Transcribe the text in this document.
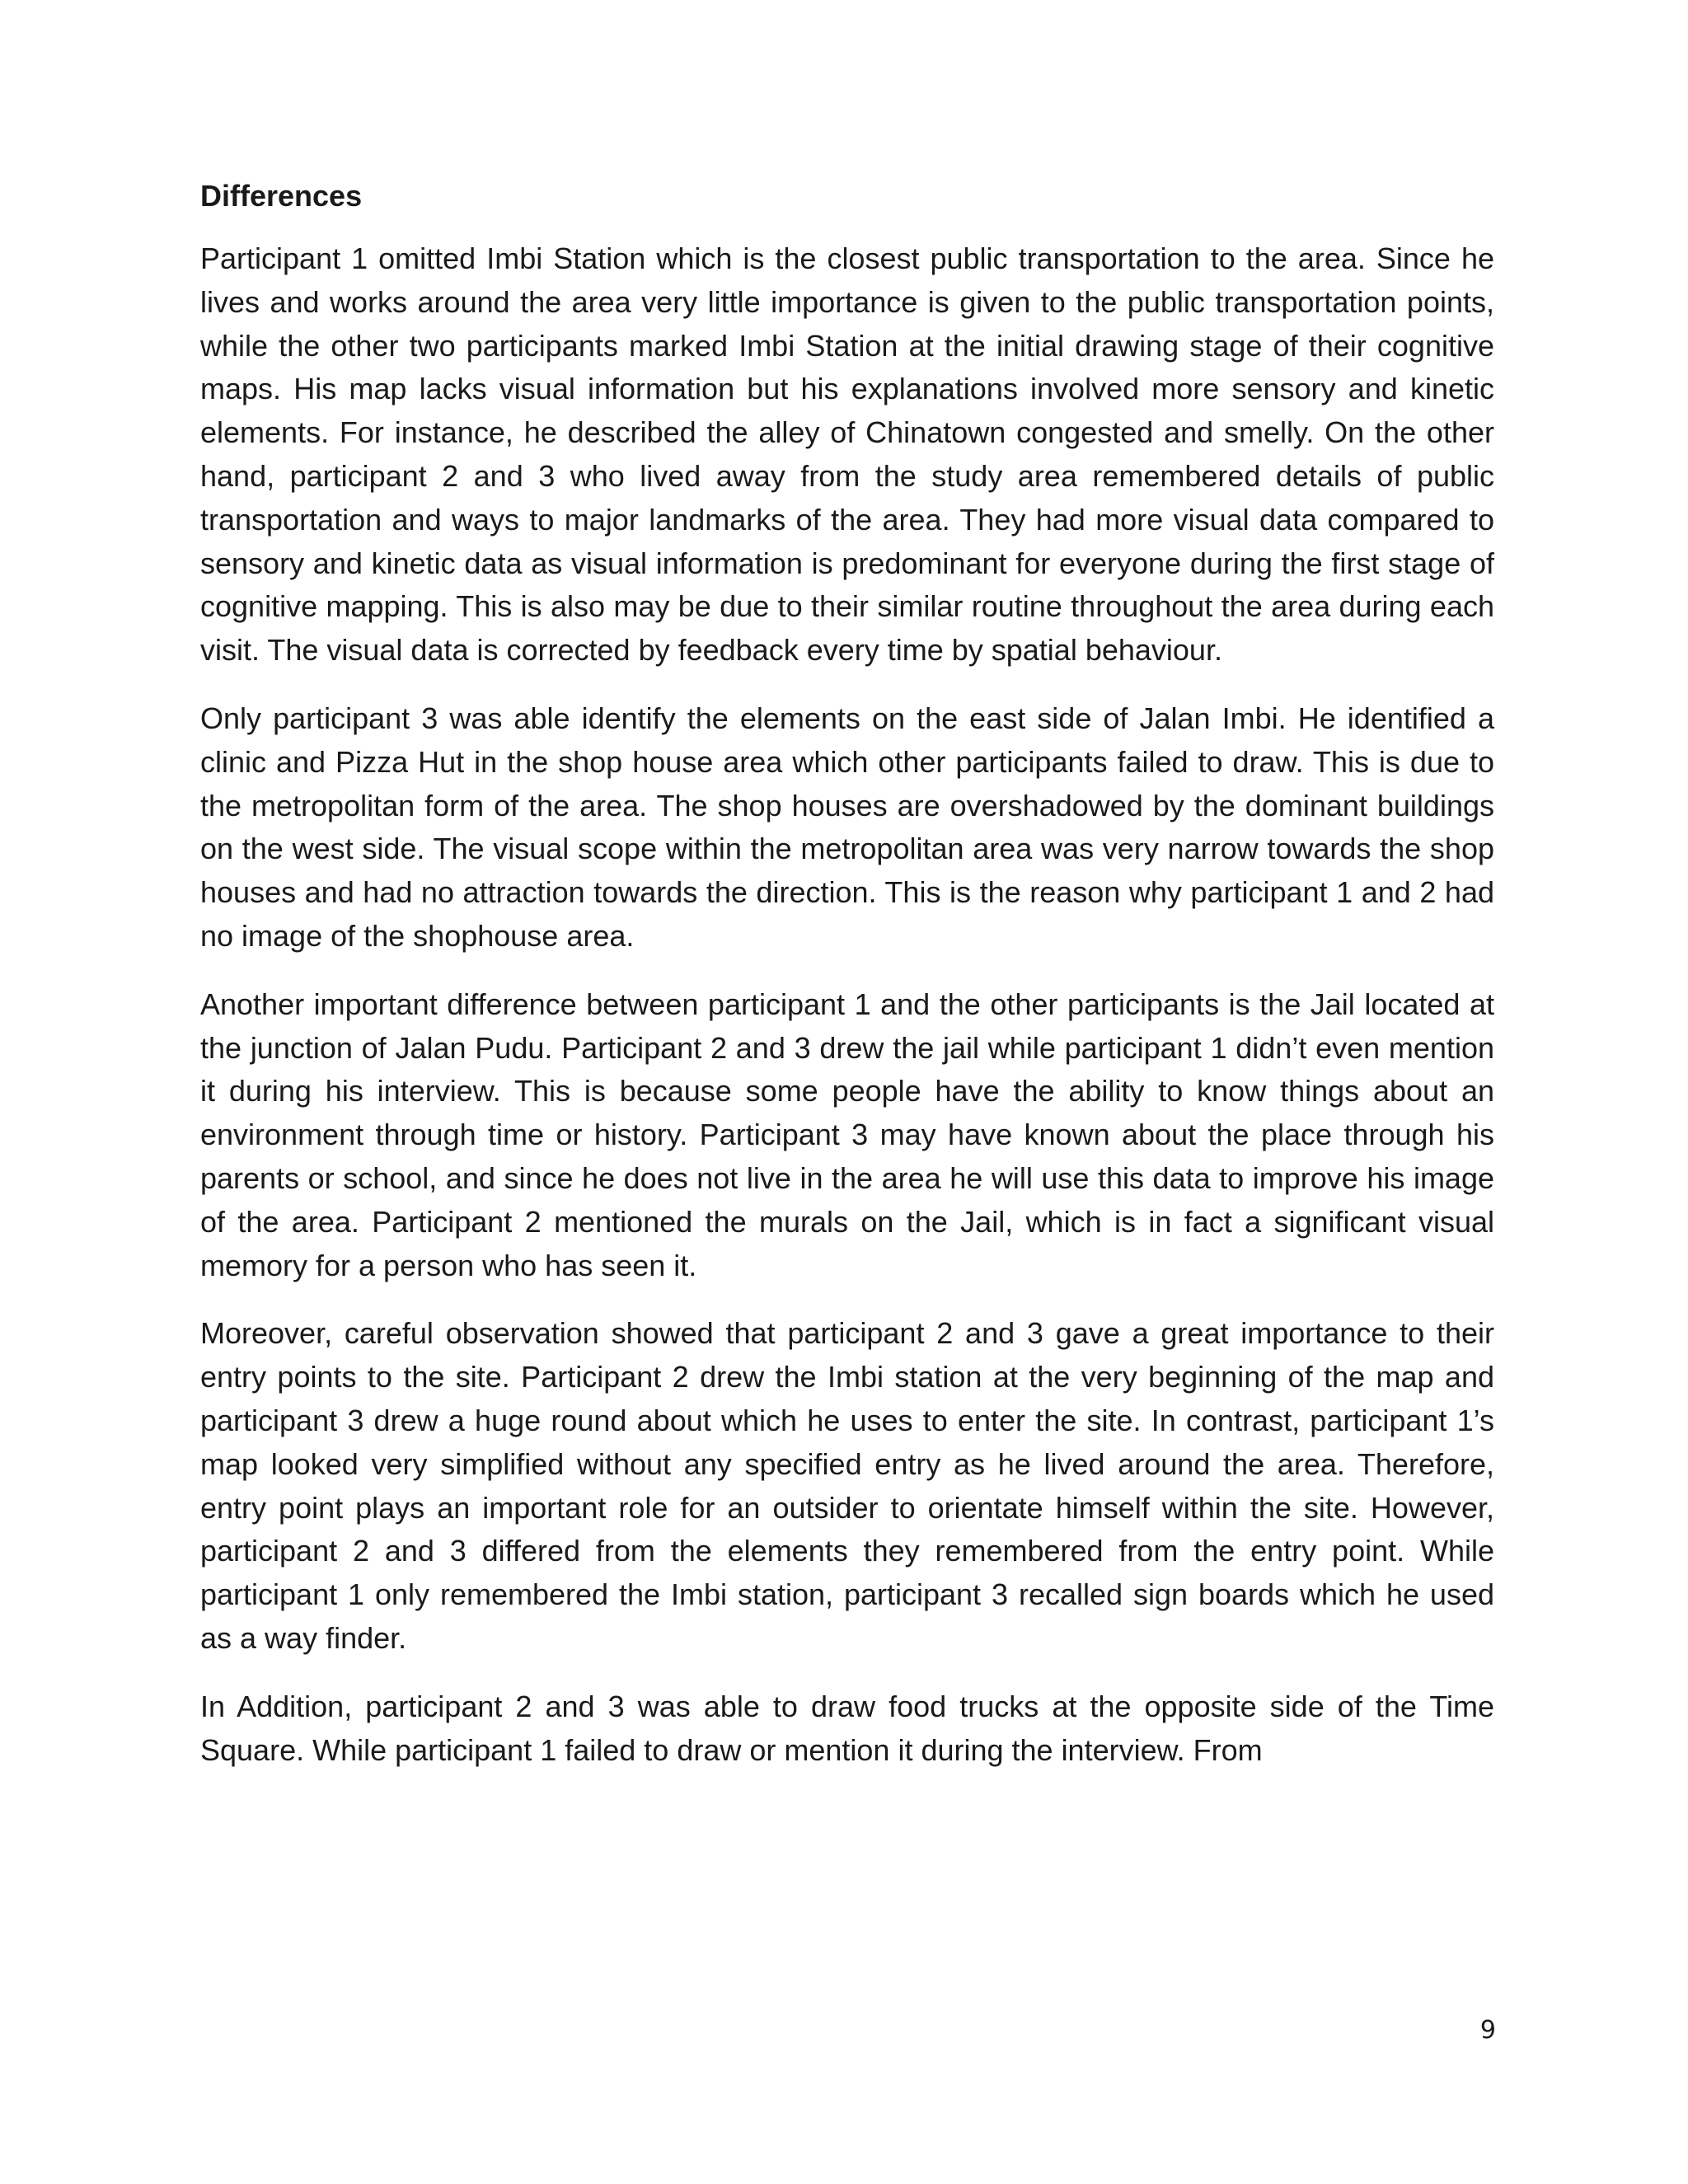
Differences

Participant 1 omitted Imbi Station which is the closest public transportation to the area. Since he lives and works around the area very little importance is given to the public transportation points, while the other two participants marked Imbi Station at the initial drawing stage of their cognitive maps. His map lacks visual information but his explanations involved more sensory and kinetic elements. For instance, he described the alley of Chinatown congested and smelly. On the other hand, participant 2 and 3 who lived away from the study area remembered details of public transportation and ways to major landmarks of the area. They had more visual data compared to sensory and kinetic data as visual information is predominant for everyone during the first stage of cognitive mapping. This is also may be due to their similar routine throughout the area during each visit. The visual data is corrected by feedback every time by spatial behaviour.

Only participant 3 was able identify the elements on the east side of Jalan Imbi. He identified a clinic and Pizza Hut in the shop house area which other participants failed to draw. This is due to the metropolitan form of the area. The shop houses are overshadowed by the dominant buildings on the west side. The visual scope within the metropolitan area was very narrow towards the shop houses and had no attraction towards the direction. This is the reason why participant 1 and 2 had no image of the shophouse area.

Another important difference between participant 1 and the other participants is the Jail located at the junction of Jalan Pudu. Participant 2 and 3 drew the jail while participant 1 didn’t even mention it during his interview. This is because some people have the ability to know things about an environment through time or history. Participant 3 may have known about the place through his parents or school, and since he does not live in the area he will use this data to improve his image of the area. Participant 2 mentioned the murals on the Jail, which is in fact a significant visual memory for a person who has seen it.

Moreover, careful observation showed that participant 2 and 3 gave a great importance to their entry points to the site. Participant 2 drew the Imbi station at the very beginning of the map and participant 3 drew a huge round about which he uses to enter the site. In contrast, participant 1’s map looked very simplified without any specified entry as he lived around the area. Therefore, entry point plays an important role for an outsider to orientate himself within the site. However, participant 2 and 3 differed from the elements they remembered from the entry point. While participant 1 only remembered the Imbi station, participant 3 recalled sign boards which he used as a way finder.

In Addition, participant 2 and 3 was able to draw food trucks at the opposite side of the Time Square. While participant 1 failed to draw or mention it during the interview. From

9
